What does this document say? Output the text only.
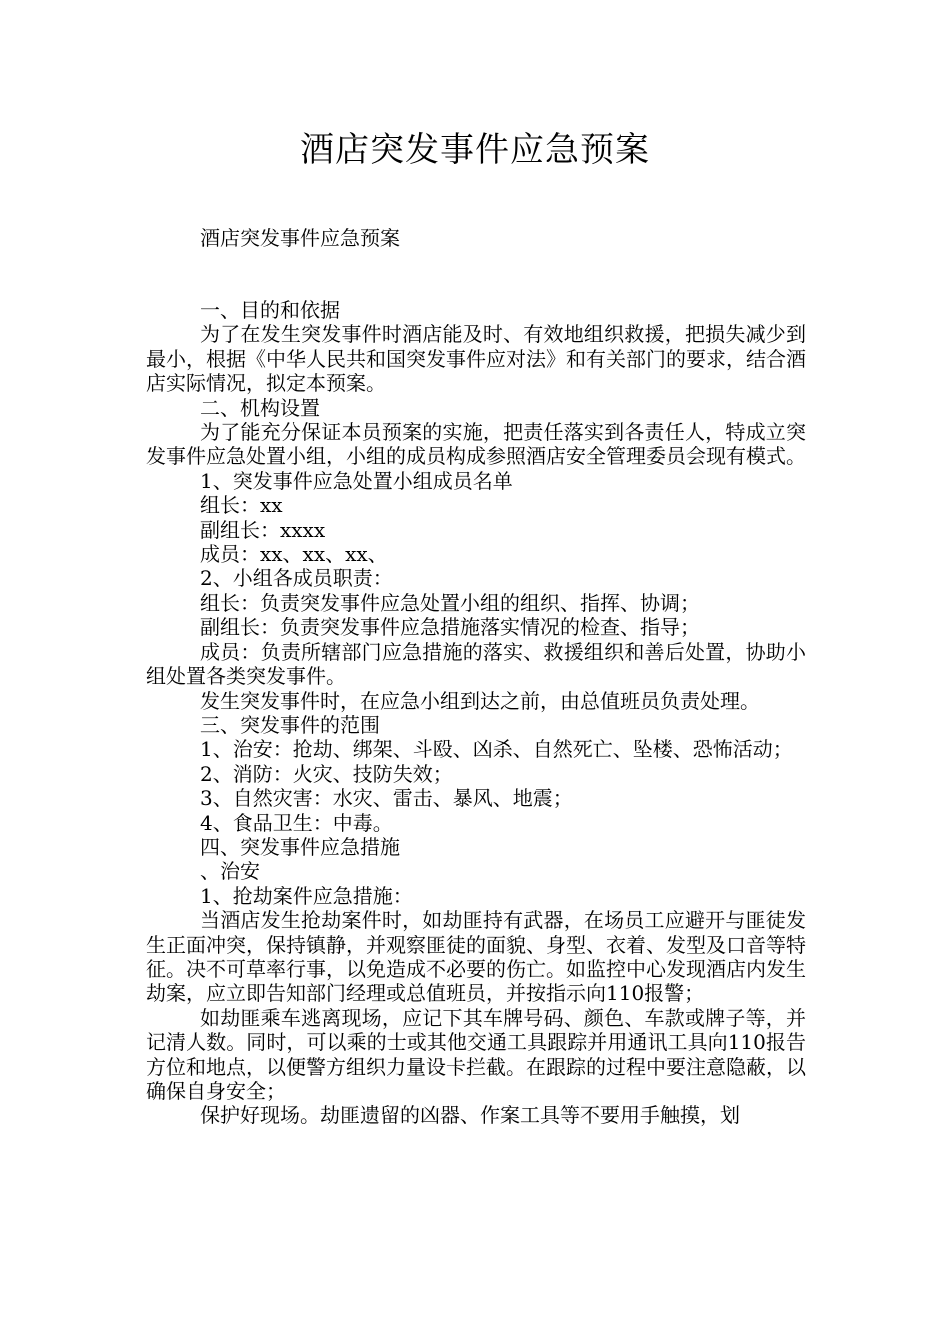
酒店突发事件应急预案
酒店突发事件应急预案

一、目的和依据

为了在发生突发事件时酒店能及时、有效地组织救援，把损失减少到最小，根据《中华人民共和国突发事件应对法》和有关部门的要求，结合酒店实际情况，拟定本预案。

二、机构设置

为了能充分保证本员预案的实施，把责任落实到各责任人，特成立突发事件应急处置小组，小组的成员构成参照酒店安全管理委员会现有模式。

1、突发事件应急处置小组成员名单

组长：xx

副组长：xxxx

成员：xx、xx、xx、

2、小组各成员职责：

组长：负责突发事件应急处置小组的组织、指挥、协调；

副组长：负责突发事件应急措施落实情况的检查、指导；

成员：负责所辖部门应急措施的落实、救援组织和善后处置，协助小组处置各类突发事件。

发生突发事件时，在应急小组到达之前，由总值班员负责处理。

三、突发事件的范围

1、治安：抢劫、绑架、斗殴、凶杀、自然死亡、坠楼、恐怖活动；

2、消防：火灾、技防失效；

3、自然灾害：水灾、雷击、暴风、地震；

4、食品卫生：中毒。

四、突发事件应急措施

、治安

1、抢劫案件应急措施：

当酒店发生抢劫案件时，如劫匪持有武器，在场员工应避开与匪徒发生正面冲突，保持镇静，并观察匪徒的面貌、身型、衣着、发型及口音等特征。决不可草率行事，以免造成不必要的伤亡。如监控中心发现酒店内发生劫案，应立即告知部门经理或总值班员，并按指示向110报警；

如劫匪乘车逃离现场，应记下其车牌号码、颜色、车款或牌子等，并记清人数。同时，可以乘的士或其他交通工具跟踪并用通讯工具向110报告方位和地点，以便警方组织力量设卡拦截。在跟踪的过程中要注意隐蔽，以确保自身安全；

保护好现场。劫匪遗留的凶器、作案工具等不要用手触摸，划
